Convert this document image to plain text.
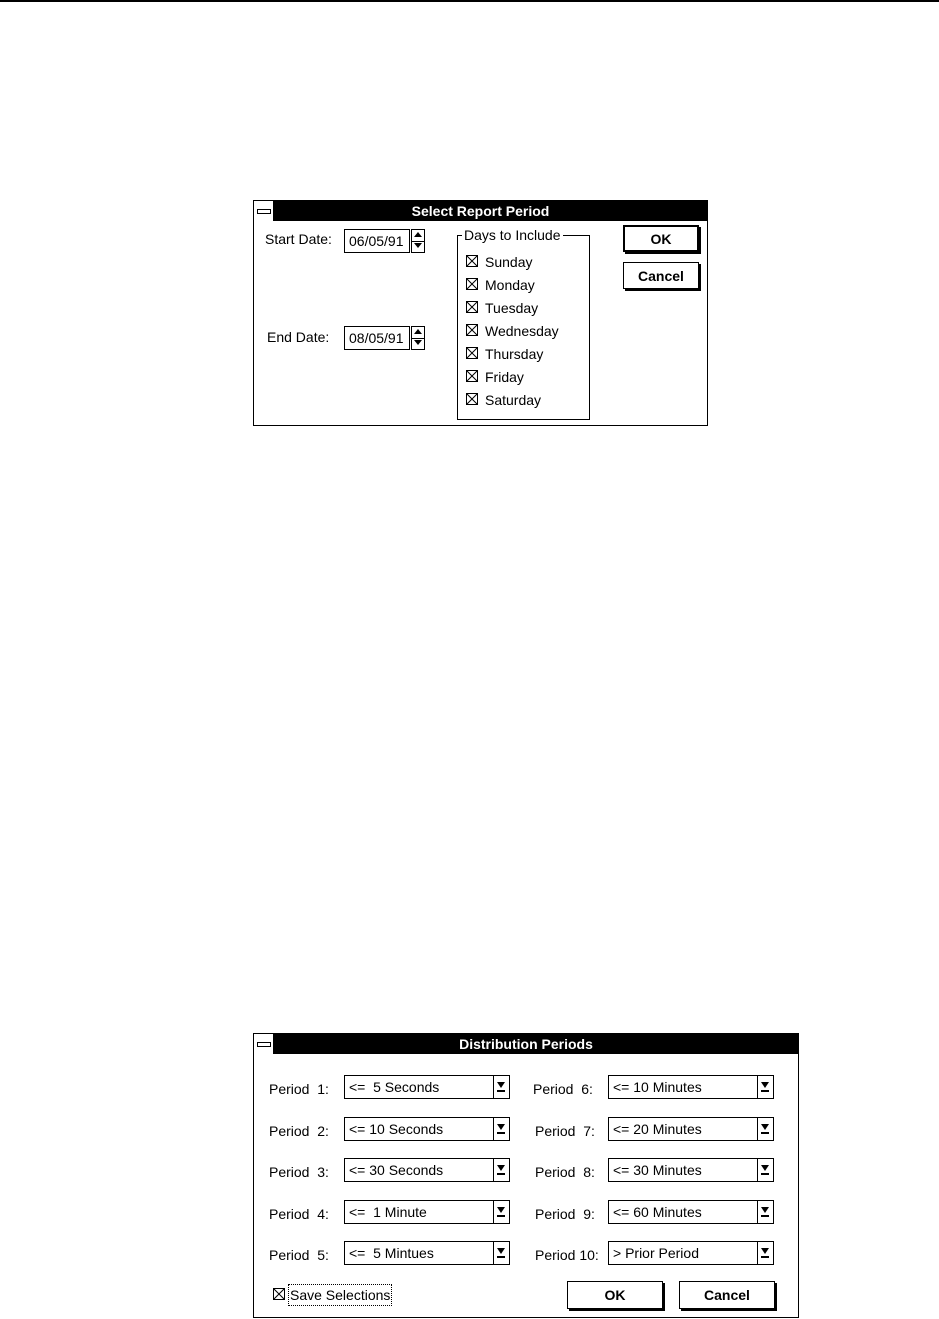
Select Report Period
Start Date:	06/05/91
End Date:	08/05/91
Days to Include
Sunday
Monday
Tuesday
Wednesday
Thursday
Friday
Saturday
OK
Cancel
Distribution Periods
Period  1: <=  5 Seconds
Period  2: <= 10 Seconds
Period  3: <= 30 Seconds
Period  4: <=  1 Minute
Period  5: <=  5 Mintues
Period  6: <= 10 Minutes
Period  7: <= 20 Minutes
Period  8: <= 30 Minutes
Period  9: <= 60 Minutes
Period 10: > Prior Period
Save Selections	OK	Cancel
